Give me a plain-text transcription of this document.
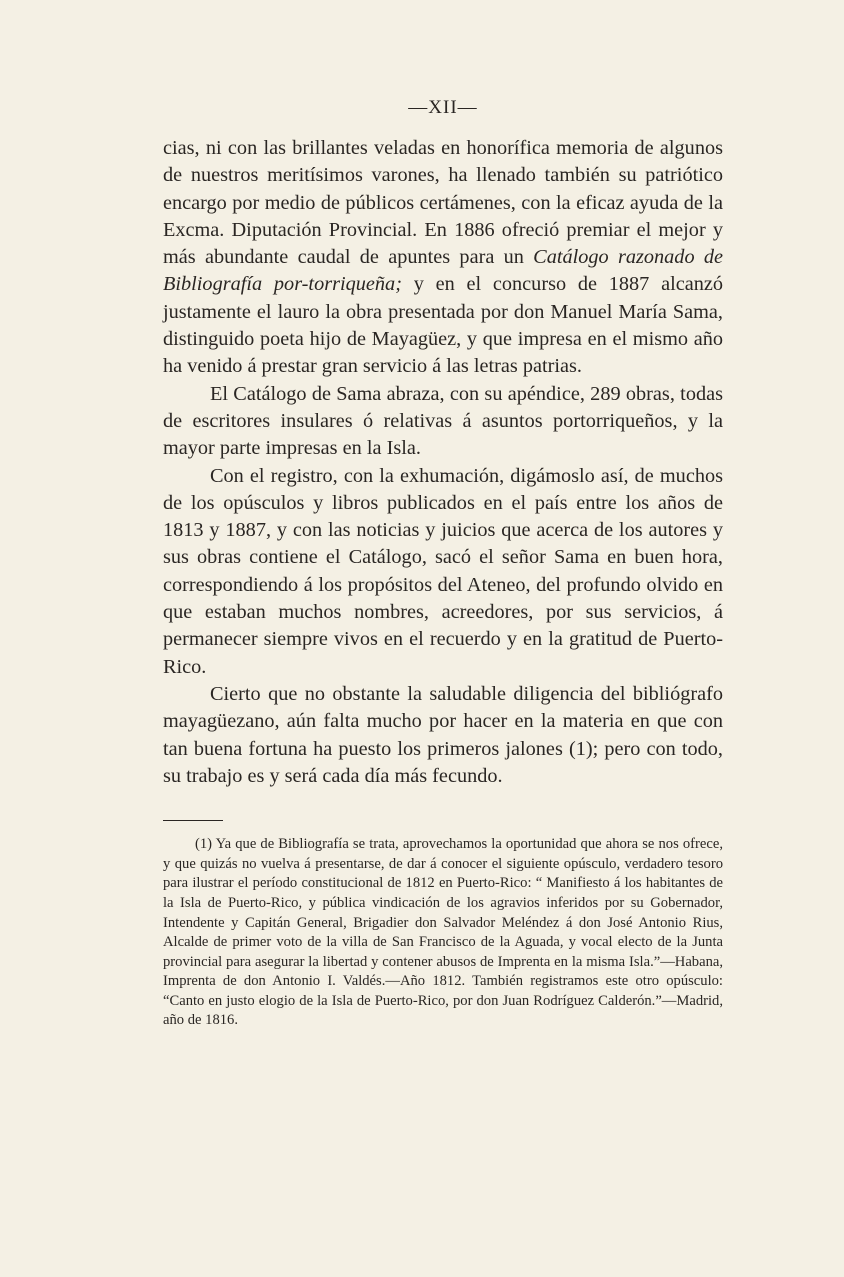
—XII—

cias, ni con las brillantes veladas en honorífica memoria de algunos de nuestros meritísimos varones, ha llenado también su patriótico encargo por medio de públicos certámenes, con la eficaz ayuda de la Excma. Diputación Provincial. En 1886 ofreció premiar el mejor y más abundante caudal de apuntes para un Catálogo razonado de Bibliografía por-torriqueña; y en el concurso de 1887 alcanzó justamente el lauro la obra presentada por don Manuel María Sama, distinguido poeta hijo de Mayagüez, y que impresa en el mismo año ha venido á prestar gran servicio á las letras patrias.

El Catálogo de Sama abraza, con su apéndice, 289 obras, todas de escritores insulares ó relativas á asuntos portorriqueños, y la mayor parte impresas en la Isla.

Con el registro, con la exhumación, digámoslo así, de muchos de los opúsculos y libros publicados en el país entre los años de 1813 y 1887, y con las noticias y juicios que acerca de los autores y sus obras contiene el Catálogo, sacó el señor Sama en buen hora, correspondiendo á los propósitos del Ateneo, del profundo olvido en que estaban muchos nombres, acreedores, por sus servicios, á permanecer siempre vivos en el recuerdo y en la gratitud de Puerto-Rico.

Cierto que no obstante la saludable diligencia del bibliógrafo mayagüezano, aún falta mucho por hacer en la materia en que con tan buena fortuna ha puesto los primeros jalones (1); pero con todo, su trabajo es y será cada día más fecundo.

(1) Ya que de Bibliografía se trata, aprovechamos la oportunidad que ahora se nos ofrece, y que quizás no vuelva á presentarse, de dar á conocer el siguiente opúsculo, verdadero tesoro para ilustrar el período constitucional de 1812 en Puerto-Rico: “ Manifiesto á los habitantes de la Isla de Puerto-Rico, y pública vindicación de los agravios inferidos por su Gobernador, Intendente y Capitán General, Brigadier don Salvador Meléndez á don José Antonio Rius, Alcalde de primer voto de la villa de San Francisco de la Aguada, y vocal electo de la Junta provincial para asegurar la libertad y contener abusos de Imprenta en la misma Isla.”—Habana, Imprenta de don Antonio I. Valdés.—Año 1812. También registramos este otro opúsculo: “Canto en justo elogio de la Isla de Puerto-Rico, por don Juan Rodríguez Calderón.”—Madrid, año de 1816.
